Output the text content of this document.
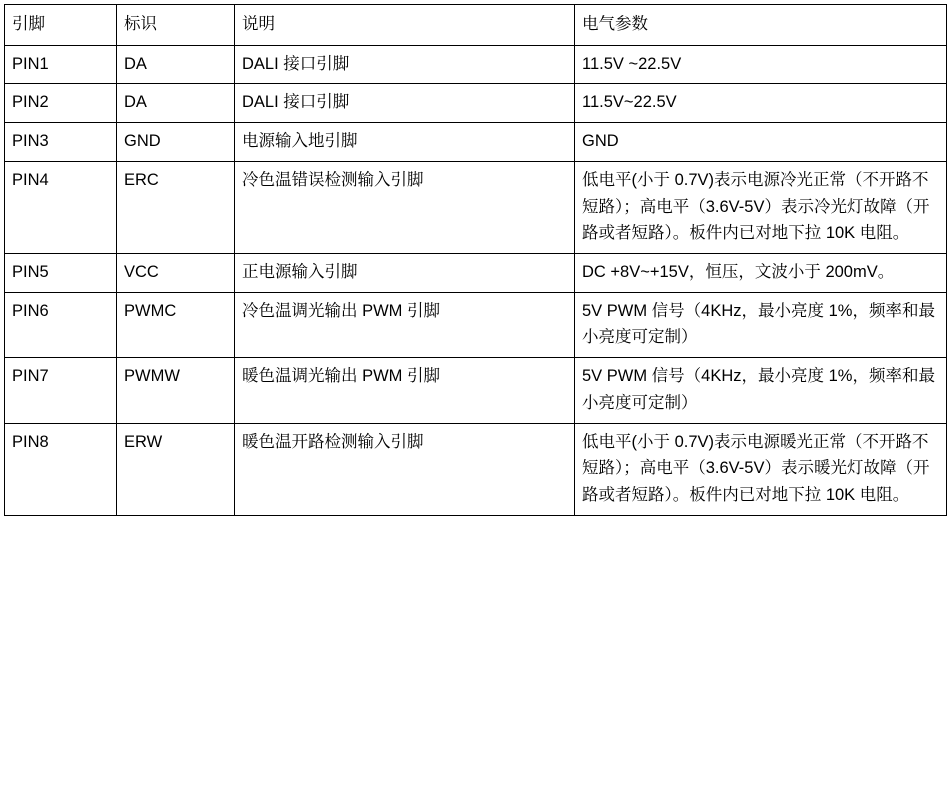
引脚	标识	说明	电气参数

PIN1	DA	DALI 接口引脚	11.5V ~22.5V

PIN2	DA	DALI 接口引脚	11.5V~22.5V

PIN3	GND	电源输入地引脚	GND

PIN4	ERC	冷色温错误检测输入引脚	低电平(小于 0.7V)表示电源冷光正常（不开路不短路）；高电平（3.6V-5V）表示冷光灯故障（开路或者短路）。板件内已对地下拉 10K 电阻。

PIN5	VCC	正电源输入引脚	DC +8V~+15V，恒压，文波小于 200mV。

PIN6	PWMC	冷色温调光输出 PWM 引脚	5V PWM 信号（4KHz，最小亮度 1%，频率和最小亮度可定制）

PIN7	PWMW	暖色温调光输出 PWM 引脚	5V PWM 信号（4KHz，最小亮度 1%，频率和最小亮度可定制）

PIN8	ERW	暖色温开路检测输入引脚	低电平(小于 0.7V)表示电源暖光正常（不开路不短路）；高电平（3.6V-5V）表示暖光灯故障（开路或者短路）。板件内已对地下拉 10K 电阻。
